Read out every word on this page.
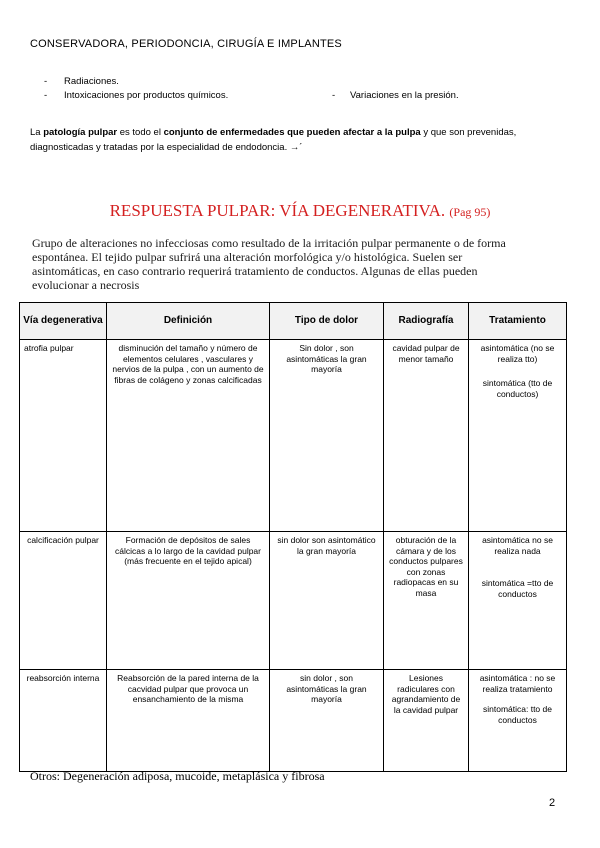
CONSERVADORA, PERIODONCIA, CIRUGÍA E IMPLANTES
- Radiaciones.
- Intoxicaciones por productos químicos.	- Variaciones en la presión.
La patología pulpar es todo el conjunto de enfermedades que pueden afectar a la pulpa y que son prevenidas, diagnosticadas y tratadas por la especialidad de endodoncia. →´
RESPUESTA PULPAR: VÍA DEGENERATIVA. (Pag 95)
Grupo de alteraciones no infecciosas como resultado de la irritación pulpar permanente o de forma espontánea. El tejido pulpar sufrirá una alteración morfológica y/o histológica. Suelen ser asintomáticas, en caso contrario requerirá tratamiento de conductos. Algunas de ellas pueden evolucionar a necrosis
Vía degenerativa	Definición	Tipo de dolor	Radiografía	Tratamiento
atrofia pulpar	disminución del tamaño y número de elementos celulares , vasculares y nervios de la pulpa , con un aumento de fibras de colágeno y zonas calcificadas	Sin dolor , son asintomáticas la gran mayoría	cavidad pulpar de menor tamaño	asintomática (no se realiza tto)
sintomática (tto de conductos)

calcificación pulpar	Formación de depósitos de sales cálcicas a lo largo de la cavidad pulpar (más frecuente en el tejido apical)	sin dolor son asintomático la gran mayoría	obturación de la cámara y de los conductos pulpares con zonas radiopacas en su masa	asintomática no se realiza nada
sintomática =tto de conductos

reabsorción interna	Reabsorción de la pared interna de la cacvidad pulpar que provoca un ensanchamiento de la misma	sin dolor , son asintomáticas la gran mayoría	Lesiones radiculares con agrandamiento de la cavidad pulpar	asintomática : no se realiza tratamiento
sintomática: tto de conductos
Otros: Degeneración adiposa, mucoide, metaplásica y fibrosa
2
